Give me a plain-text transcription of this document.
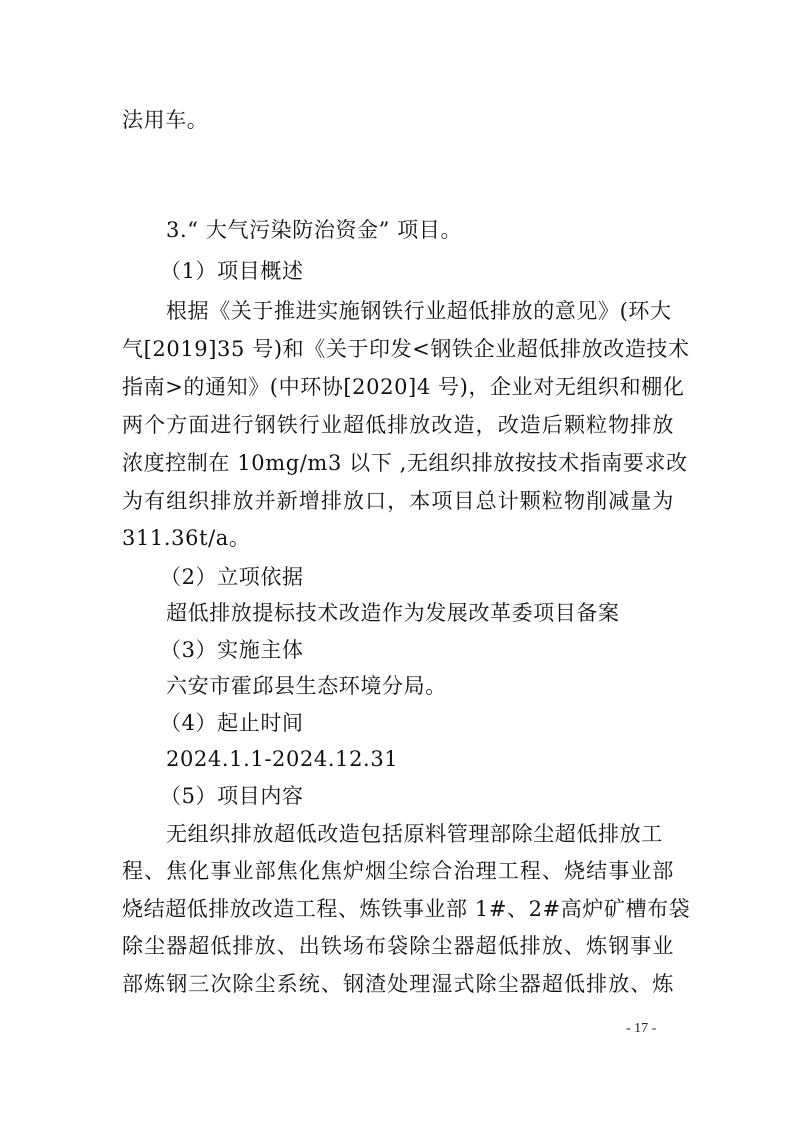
法用车。
3.“ 大气污染防治资金” 项目。
（1）项目概述
根据《关于推进实施钢铁行业超低排放的意见》(环大
气[2019]35 号)和《关于印发<钢铁企业超低排放改造技术
指南>的通知》(中环协[2020]4 号)，企业对无组织和棚化
两个方面进行钢铁行业超低排放改造，改造后颗粒物排放
浓度控制在 10mg/m3 以下 ,无组织排放按技术指南要求改
为有组织排放并新增排放口，本项目总计颗粒物削减量为
311.36t/a。
（2）立项依据
超低排放提标技术改造作为发展改革委项目备案
（3）实施主体
六安市霍邱县生态环境分局。
（4）起止时间
2024.1.1-2024.12.31
（5）项目内容
无组织排放超低改造包括原料管理部除尘超低排放工
程、焦化事业部焦化焦炉烟尘综合治理工程、烧结事业部
烧结超低排放改造工程、炼铁事业部 1#、2#高炉矿槽布袋
除尘器超低排放、出铁场布袋除尘器超低排放、炼钢事业
部炼钢三次除尘系统、钢渣处理湿式除尘器超低排放、炼
- 17 -
